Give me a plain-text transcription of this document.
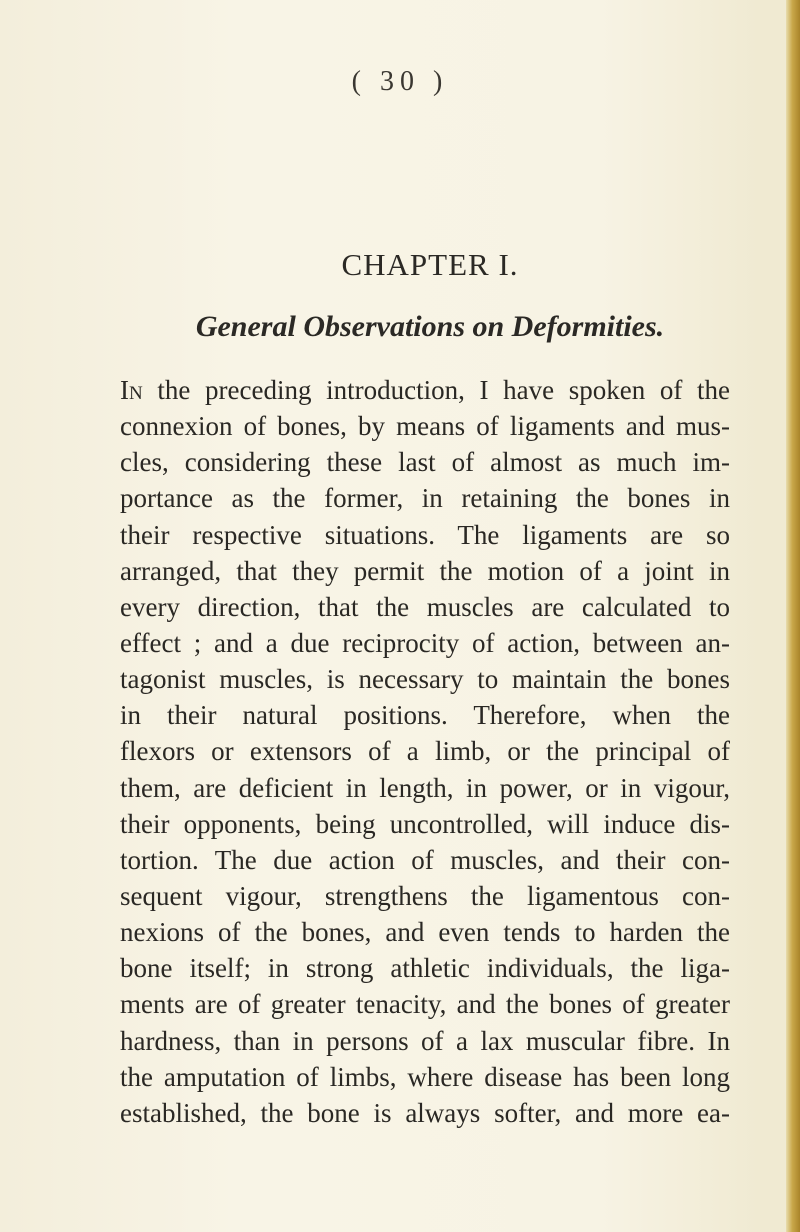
( 30 )
CHAPTER I.
General Observations on Deformities.
In the preceding introduction, I have spoken of the
connexion of bones, by means of ligaments and mus-
cles, considering these last of almost as much im-
portance as the former, in retaining the bones in
their respective situations. The ligaments are so
arranged, that they permit the motion of a joint in
every direction, that the muscles are calculated to
effect ; and a due reciprocity of action, between an-
tagonist muscles, is necessary to maintain the bones
in their natural positions. Therefore, when the
flexors or extensors of a limb, or the principal of
them, are deficient in length, in power, or in vigour,
their opponents, being uncontrolled, will induce dis-
tortion. The due action of muscles, and their con-
sequent vigour, strengthens the ligamentous con-
nexions of the bones, and even tends to harden the
bone itself; in strong athletic individuals, the liga-
ments are of greater tenacity, and the bones of greater
hardness, than in persons of a lax muscular fibre. In
the amputation of limbs, where disease has been long
established, the bone is always softer, and more ea-
